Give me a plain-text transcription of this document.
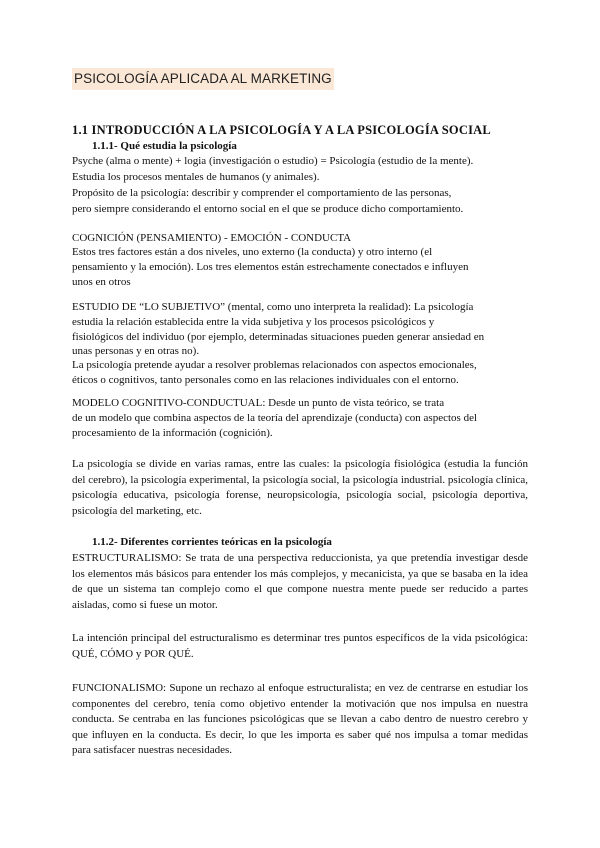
PSICOLOGÍA APLICADA AL MARKETING
1.1 INTRODUCCIÓN A LA PSICOLOGÍA Y A LA PSICOLOGÍA SOCIAL
1.1.1- Qué estudia la psicología
Psyche (alma o mente) + logia (investigación o estudio) = Psicología (estudio de la mente).
Estudia los procesos mentales de humanos (y animales).
Propósito de la psicología: describir y comprender el comportamiento de las personas,
pero siempre considerando el entorno social en el que se produce dicho comportamiento.
COGNICIÓN (PENSAMIENTO) - EMOCIÓN - CONDUCTA
Estos tres factores están a dos niveles, uno externo (la conducta) y otro interno (el
pensamiento y la emoción). Los tres elementos están estrechamente conectados e influyen
unos en otros
ESTUDIO DE “LO SUBJETIVO” (mental, como uno interpreta la realidad): La psicología
estudia la relación establecida entre la vida subjetiva y los procesos psicológicos y
fisiológicos del individuo (por ejemplo, determinadas situaciones pueden generar ansiedad en
unas personas y en otras no).
La psicología pretende ayudar a resolver problemas relacionados con aspectos emocionales,
éticos o cognitivos, tanto personales como en las relaciones individuales con el entorno.
MODELO COGNITIVO-CONDUCTUAL: Desde un punto de vista teórico, se trata
de un modelo que combina aspectos de la teoría del aprendizaje (conducta) con aspectos del
procesamiento de la información (cognición).
La psicología se divide en varias ramas, entre las cuales: la psicología fisiológica (estudia la función del cerebro), la psicología experimental, la psicología social, la psicología industrial. psicología clínica, psicología educativa, psicología forense, neuropsicología, psicología social, psicología deportiva, psicología del marketing, etc.
1.1.2- Diferentes corrientes teóricas en la psicología
ESTRUCTURALISMO: Se trata de una perspectiva reduccionista, ya que pretendía investigar desde los elementos más básicos para entender los más complejos, y mecanicista, ya que se basaba en la idea de que un sistema tan complejo como el que compone nuestra mente puede ser reducido a partes aisladas, como si fuese un motor.
La intención principal del estructuralismo es determinar tres puntos específicos de la vida psicológica: QUÉ, CÓMO y POR QUÉ.
FUNCIONALISMO: Supone un rechazo al enfoque estructuralista; en vez de centrarse en estudiar los componentes del cerebro, tenía como objetivo entender la motivación que nos impulsa en nuestra conducta. Se centraba en las funciones psicológicas que se llevan a cabo dentro de nuestro cerebro y que influyen en la conducta. Es decir, lo que les importa es saber qué nos impulsa a tomar medidas para satisfacer nuestras necesidades.
